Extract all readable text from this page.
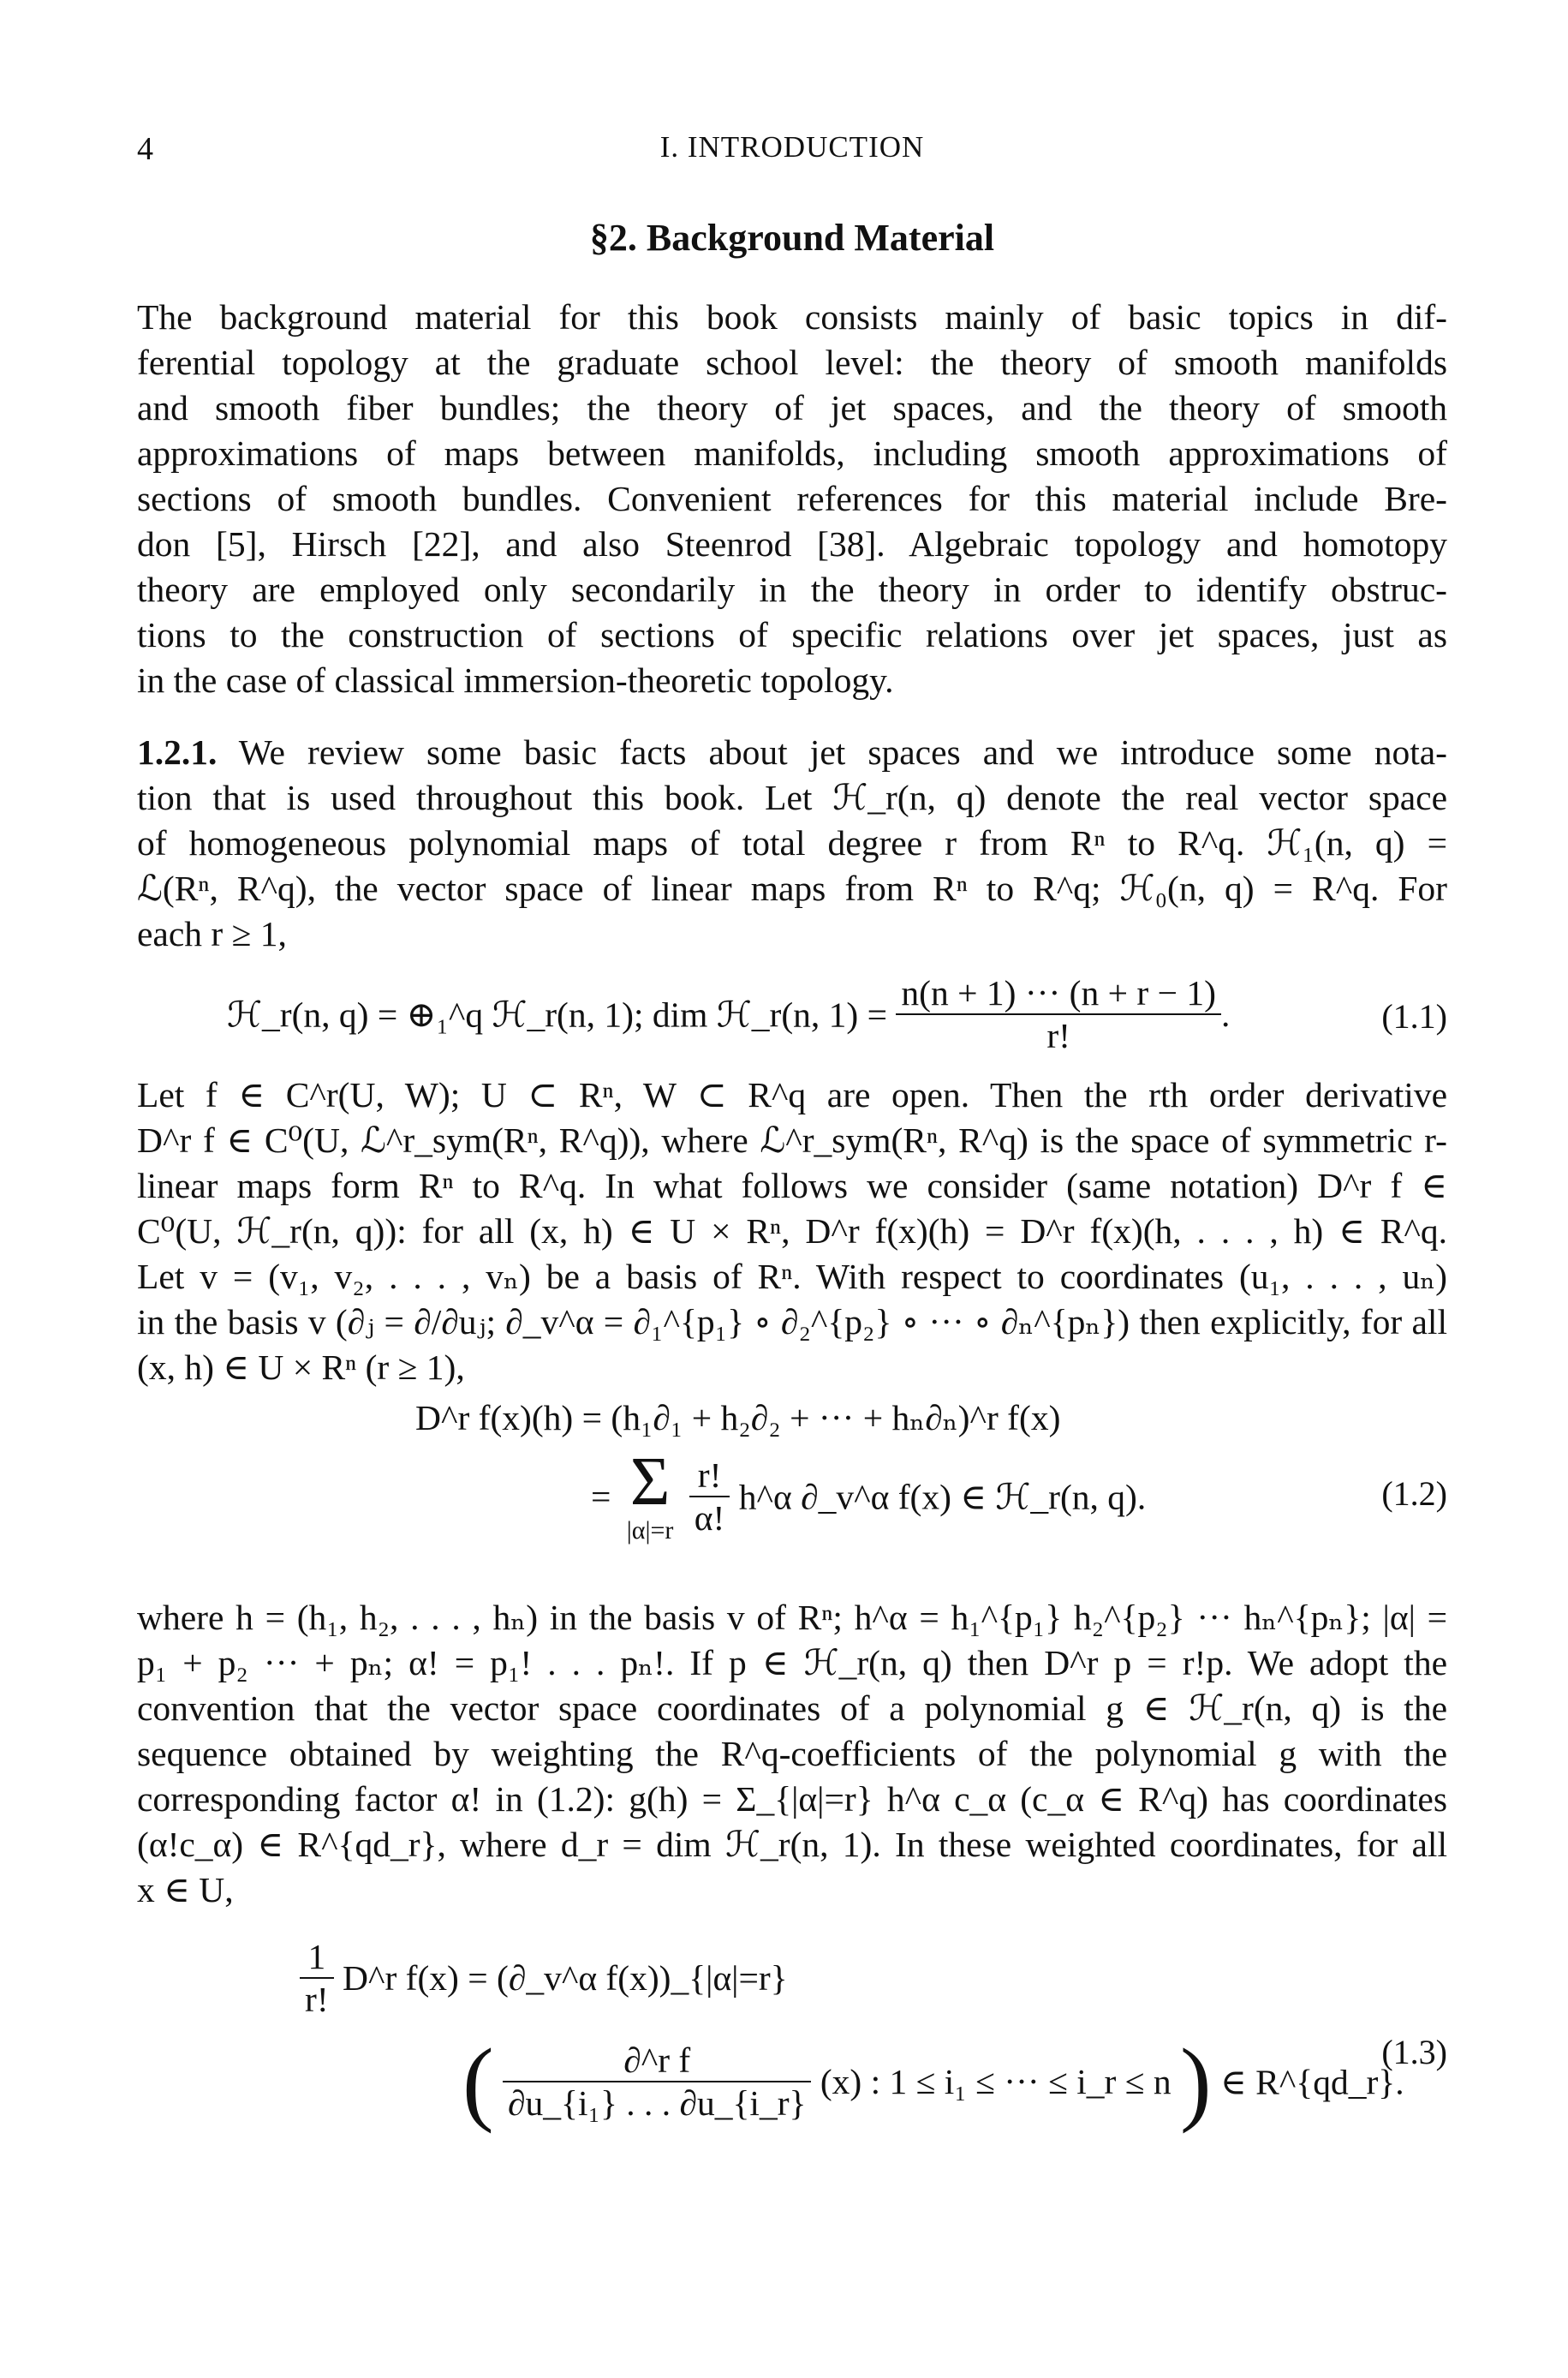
4	I. INTRODUCTION
§2. Background Material
The background material for this book consists mainly of basic topics in dif-
ferential topology at the graduate school level: the theory of smooth manifolds
and smooth fiber bundles; the theory of jet spaces, and the theory of smooth
approximations of maps between manifolds, including smooth approximations of
sections of smooth bundles. Convenient references for this material include Bre-
don [5], Hirsch [22], and also Steenrod [38]. Algebraic topology and homotopy
theory are employed only secondarily in the theory in order to identify obstruc-
tions to the construction of sections of specific relations over jet spaces, just as
in the case of classical immersion-theoretic topology.
1.2.1. We review some basic facts about jet spaces and we introduce some nota-
tion that is used throughout this book. Let ℋ_r(n, q) denote the real vector space
of homogeneous polynomial maps of total degree r from Rⁿ to R^q. ℋ₁(n, q) =
ℒ(Rⁿ, R^q), the vector space of linear maps from Rⁿ to R^q; ℋ₀(n, q) = R^q. For
each r ≥ 1,
ℋ_r(n, q) = ⊕₁^q ℋ_r(n, 1); dim ℋ_r(n, $1) = \frac{n(n + 1) \cdot\cdot\cdot (n + r - 1)}{r!}$ .	(1.1)
Let f ∈ C^r(U, W); U ⊂ Rⁿ, W ⊂ R^q are open. Then the rth order derivative
D^r f ∈ C⁰(U, ℒ^r_sym(Rⁿ, R^q)), where ℒ^r_sym(Rⁿ, R^q) is the space of symmetric r-
linear maps form Rⁿ to R^q. In what follows we consider (same notation) D^r f ∈
C⁰(U, ℋ_r(n, q)): for all (x, h) ∈ U × Rⁿ, D^r f(x)(h) = D^r f(x)(h, . . . , h) ∈ R^q.
Let v = (v₁, v₂, . . . , vₙ) be a basis of Rⁿ. With respect to coordinates (u₁, . . . , uₙ)
in the basis v (∂ⱼ = ∂/∂uⱼ; ∂_v^α = ∂₁^{p₁} ∘ ∂₂^{p₂} ∘ ··· ∘ ∂ₙ^{pₙ}) then explicitly, for all
(x, h) ∈ U × Rⁿ (r ≥ 1),
D^r f(x)(h) = (h₁∂₁ + h₂∂₂ + ··· + hₙ∂ₙ)^r f(x)
= Σ
|α|=r
$\frac{r!}{\alpha!}$ h^α ∂_v^α f(x) ∈ ℋ_r(n, q).	(1.2)
where h = (h₁, h₂, . . . , hₙ) in the basis v of Rⁿ; h^α = h₁^{p₁} h₂^{p₂} ··· hₙ^{pₙ}; |α| =
p₁ + p₂ ··· + pₙ; α! = p₁! . . . pₙ!. If p ∈ ℋ_r(n, q) then D^r p = r!p. We adopt the
convention that the vector space coordinates of a polynomial g ∈ ℋ_r(n, q) is the
sequence obtained by weighting the R^q-coefficients of the polynomial g with the
corresponding factor α! in (1.2): g(h) = Σ_{|α|=r} h^α c_α (c_α ∈ R^q) has coordinates
(α!c_α) ∈ R^{qd_r}, where d_r = dim ℋ_r(n, 1). In these weighted coordinates, for all
x ∈ U,
$\frac{1}{r!}$ D^r f(x) = (∂_v^α f(x))_{|α|=r}
( $\frac{\text{∂\textasciicircum{}r f}}{\text{∂u\_\{i₁\} . . . ∂u\_\{i\_r\}}} (x)$ : 1 ≤ i₁ ≤ ··· ≤ i_r ≤ n ) ∈ R^{qd_r}.
(1.3)
